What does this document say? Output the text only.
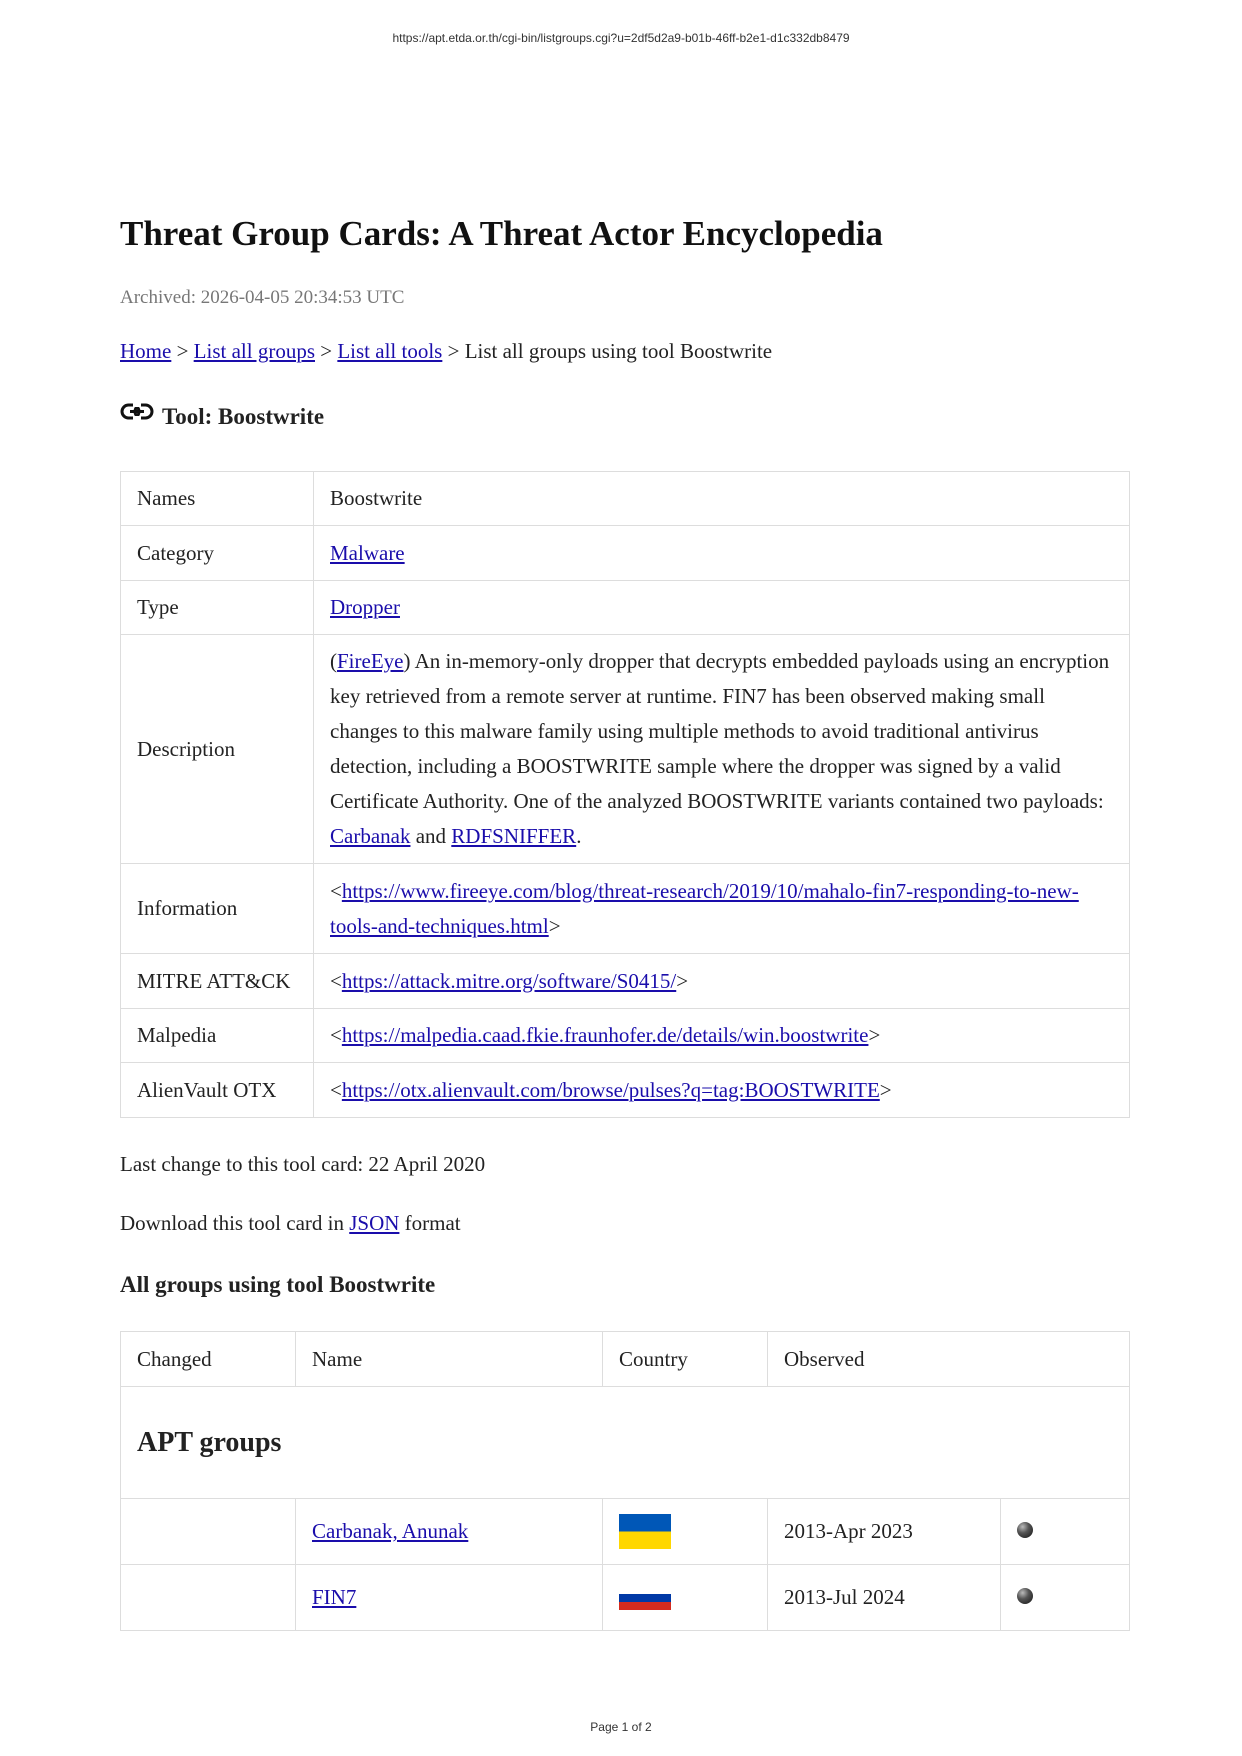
https://apt.etda.or.th/cgi-bin/listgroups.cgi?u=2df5d2a9-b01b-46ff-b2e1-d1c332db8479
Threat Group Cards: A Threat Actor Encyclopedia
Archived: 2026-04-05 20:34:53 UTC
Home > List all groups > List all tools > List all groups using tool Boostwrite
Tool: Boostwrite
Names	Boostwrite
Category	Malware
Type	Dropper
Description	(FireEye) An in-memory-only dropper that decrypts embedded payloads using an encryption key retrieved from a remote server at runtime. FIN7 has been observed making small changes to this malware family using multiple methods to avoid traditional antivirus detection, including a BOOSTWRITE sample where the dropper was signed by a valid Certificate Authority. One of the analyzed BOOSTWRITE variants contained two payloads: Carbanak and RDFSNIFFER.
Information	<https://www.fireeye.com/blog/threat-research/2019/10/mahalo-fin7-responding-to-new-tools-and-techniques.html>
MITRE ATT&CK	<https://attack.mitre.org/software/S0415/>
Malpedia	<https://malpedia.caad.fkie.fraunhofer.de/details/win.boostwrite>
AlienVault OTX	<https://otx.alienvault.com/browse/pulses?q=tag:BOOSTWRITE>
Last change to this tool card: 22 April 2020
Download this tool card in JSON format
All groups using tool Boostwrite
Changed	Name	Country	Observed	
APT groups				
	Carbanak, Anunak		2013-Apr 2023	
	FIN7		2013-Jul 2024	
Page 1 of 2
